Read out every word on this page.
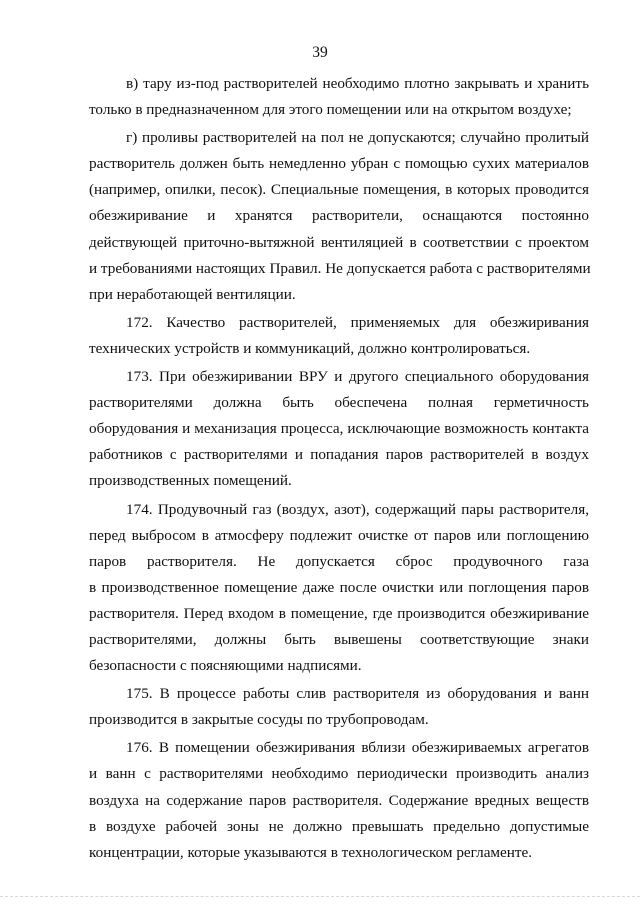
39
в) тару из-под растворителей необходимо плотно закрывать и хранить
только в предназначенном для этого помещении или на открытом воздухе;
г) проливы растворителей на пол не допускаются; случайно пролитый
растворитель должен быть немедленно убран с помощью сухих материалов
(например, опилки, песок). Специальные помещения, в которых проводится
обезжиривание и хранятся растворители, оснащаются постоянно
действующей приточно-вытяжной вентиляцией в соответствии с проектом
и требованиями настоящих Правил. Не допускается работа с растворителями
при неработающей вентиляции.
172. Качество растворителей, применяемых для обезжиривания
технических устройств и коммуникаций, должно контролироваться.
173. При обезжиривании ВРУ и другого специального оборудования
растворителями должна быть обеспечена полная герметичность
оборудования и механизация процесса, исключающие возможность контакта
работников с растворителями и попадания паров растворителей в воздух
производственных помещений.
174. Продувочный газ (воздух, азот), содержащий пары растворителя,
перед выбросом в атмосферу подлежит очистке от паров или поглощению
паров растворителя. Не допускается сброс продувочного газа
в производственное помещение даже после очистки или поглощения паров
растворителя. Перед входом в помещение, где производится обезжиривание
растворителями, должны быть вывешены соответствующие знаки
безопасности с поясняющими надписями.
175. В процессе работы слив растворителя из оборудования и ванн
производится в закрытые сосуды по трубопроводам.
176. В помещении обезжиривания вблизи обезжириваемых агрегатов
и ванн с растворителями необходимо периодически производить анализ
воздуха на содержание паров растворителя. Содержание вредных веществ
в воздухе рабочей зоны не должно превышать предельно допустимые
концентрации, которые указываются в технологическом регламенте.
